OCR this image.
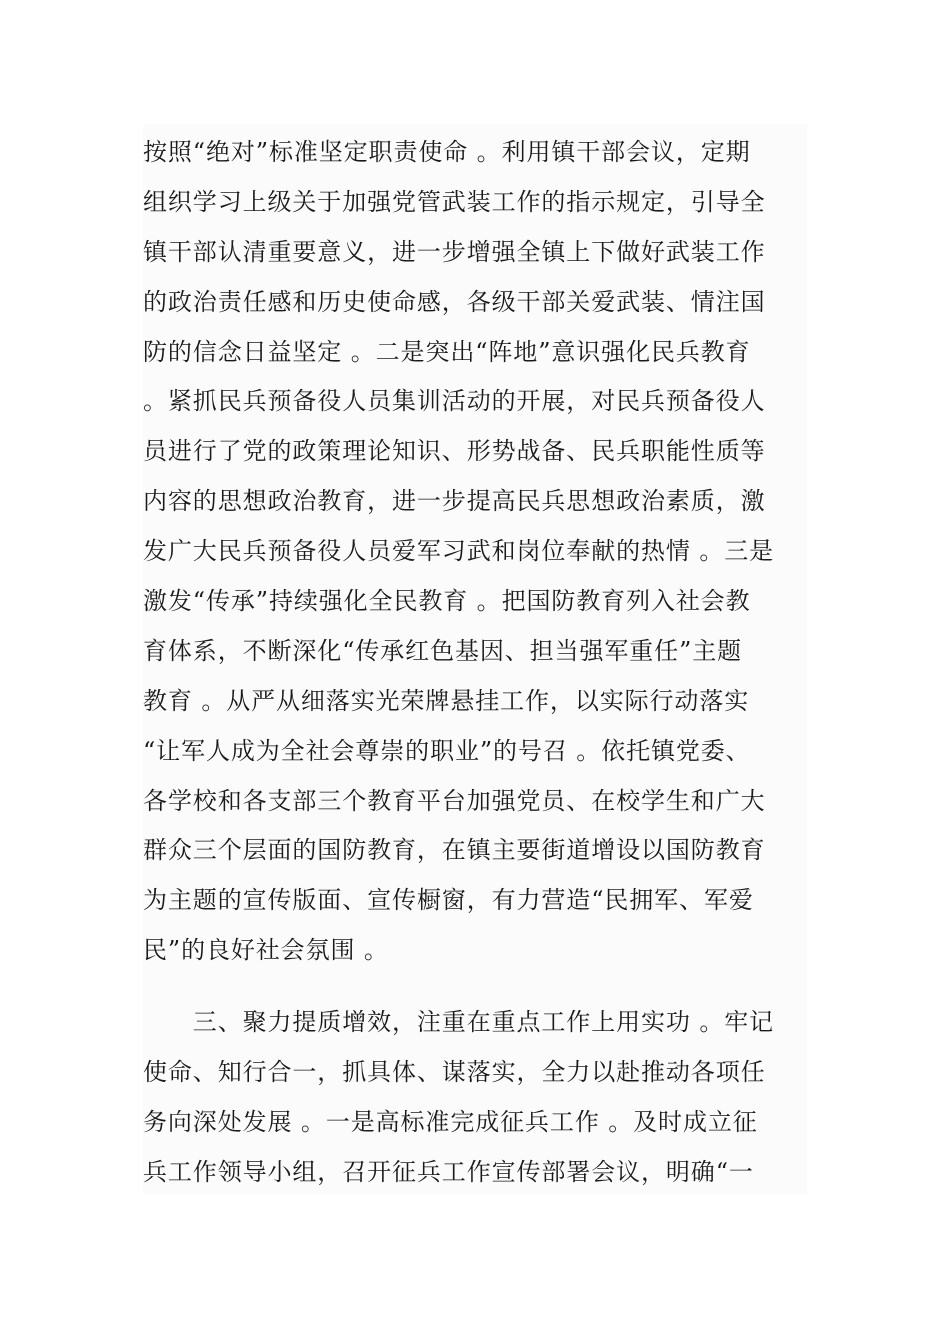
按照“绝对”标准坚定职责使命 。利用镇干部会议，定期
组织学习上级关于加强党管武装工作的指示规定，引导全
镇干部认清重要意义，进一步增强全镇上下做好武装工作
的政治责任感和历史使命感，各级干部关爱武装、情注国
防的信念日益坚定 。二是突出“阵地”意识强化民兵教育
。紧抓民兵预备役人员集训活动的开展，对民兵预备役人
员进行了党的政策理论知识、形势战备、民兵职能性质等
内容的思想政治教育，进一步提高民兵思想政治素质，激
发广大民兵预备役人员爱军习武和岗位奉献的热情 。三是
激发“传承”持续强化全民教育 。把国防教育列入社会教
育体系，不断深化“传承红色基因、担当强军重任”主题
教育 。从严从细落实光荣牌悬挂工作，以实际行动落实
“让军人成为全社会尊崇的职业”的号召 。依托镇党委、
各学校和各支部三个教育平台加强党员、在校学生和广大
群众三个层面的国防教育，在镇主要街道增设以国防教育
为主题的宣传版面、宣传橱窗，有力营造“民拥军、军爱
民”的良好社会氛围 。
　　三、聚力提质增效，注重在重点工作上用实功 。牢记
使命、知行合一，抓具体、谋落实，全力以赴推动各项任
务向深处发展 。一是高标准完成征兵工作 。及时成立征
兵工作领导小组，召开征兵工作宣传部署会议，明确“一
